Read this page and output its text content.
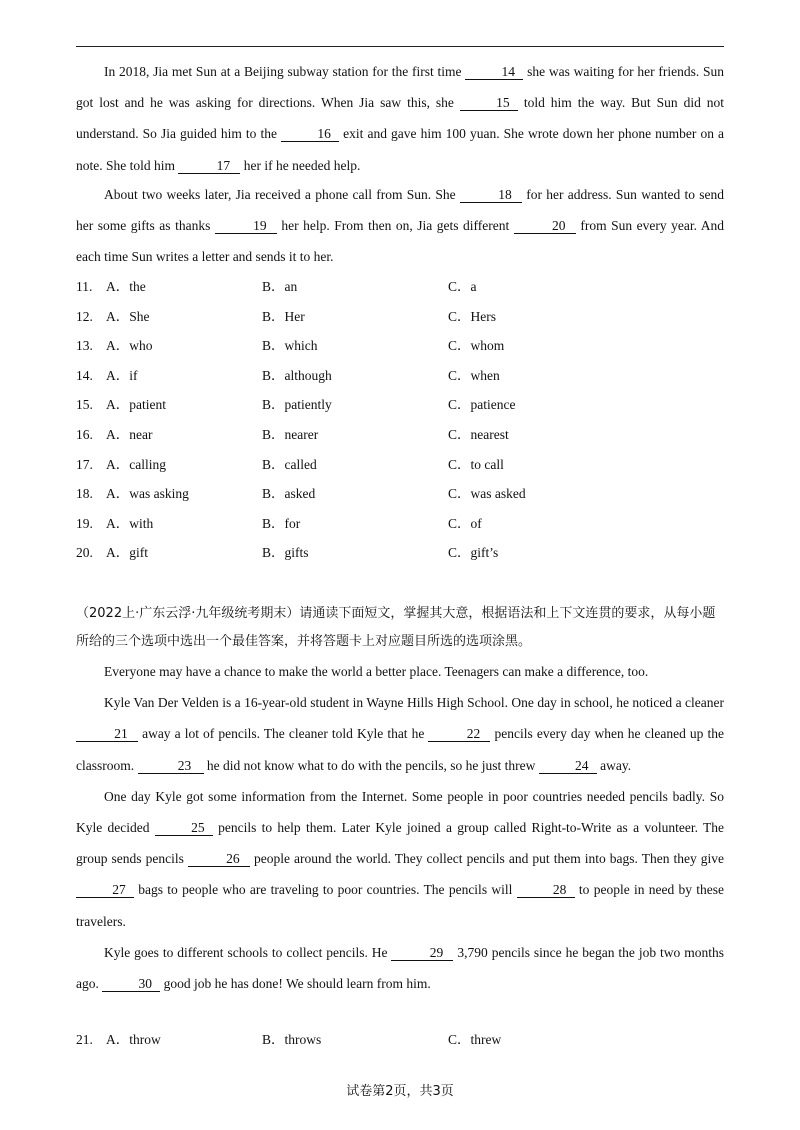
In 2018, Jia met Sun at a Beijing subway station for the first time	14 she was waiting for her friends. Sun got lost and he was asking for directions. When Jia saw this, she	15 told him the way. But Sun did not understand. So Jia guided him to the	16 exit and gave him 100 yuan. She wrote down her phone number on a note. She told him	17 her if he needed help.

About two weeks later, Jia received a phone call from Sun. She	18 for her address. Sun wanted to send her some gifts as thanks	19 her help. From then on, Jia gets different	20 from Sun every year. And each time Sun writes a letter and sends it to her.

11. A．the	B．an	C．a
12. A．She	B．Her	C．Hers
13. A．who	B．which	C．whom
14. A．if	B．although	C．when
15. A．patient	B．patiently	C．patience
16. A．near	B．nearer	C．nearest
17. A．calling	B．called	C．to call
18. A．was asking	B．asked	C．was asked
19. A．with	B．for	C．of
20. A．gift	B．gifts	C．gift’s
（2022上·广东云浮·九年级统考期末）请通读下面短文，掌握其大意，根据语法和上下文连贯的要求，从每小题所给的三个选项中选出一个最佳答案，并将答题卡上对应题目所选的选项涂黑。

Everyone may have a chance to make the world a better place. Teenagers can make a difference, too.

Kyle Van Der Velden is a 16-year-old student in Wayne Hills High School. One day in school, he noticed a cleaner 21 away a lot of pencils. The cleaner told Kyle that he	22 pencils every day when he cleaned up the classroom.	23 he did not know what to do with the pencils, so he just threw	24 away.

One day Kyle got some information from the Internet. Some people in poor countries needed pencils badly. So Kyle decided	25 pencils to help them. Later Kyle joined a group called Right-to-Write as a volunteer. The group sends pencils	26 people around the world. They collect pencils and put them into bags. Then they give 27 bags to people who are traveling to poor countries. The pencils will	28 to people in need by these travelers.

Kyle goes to different schools to collect pencils. He	29 3,790 pencils since he began the job two months ago.	30 good job he has done! We should learn from him.

21. A．throw	B．throws	C．threw
试卷第2页，共3页
